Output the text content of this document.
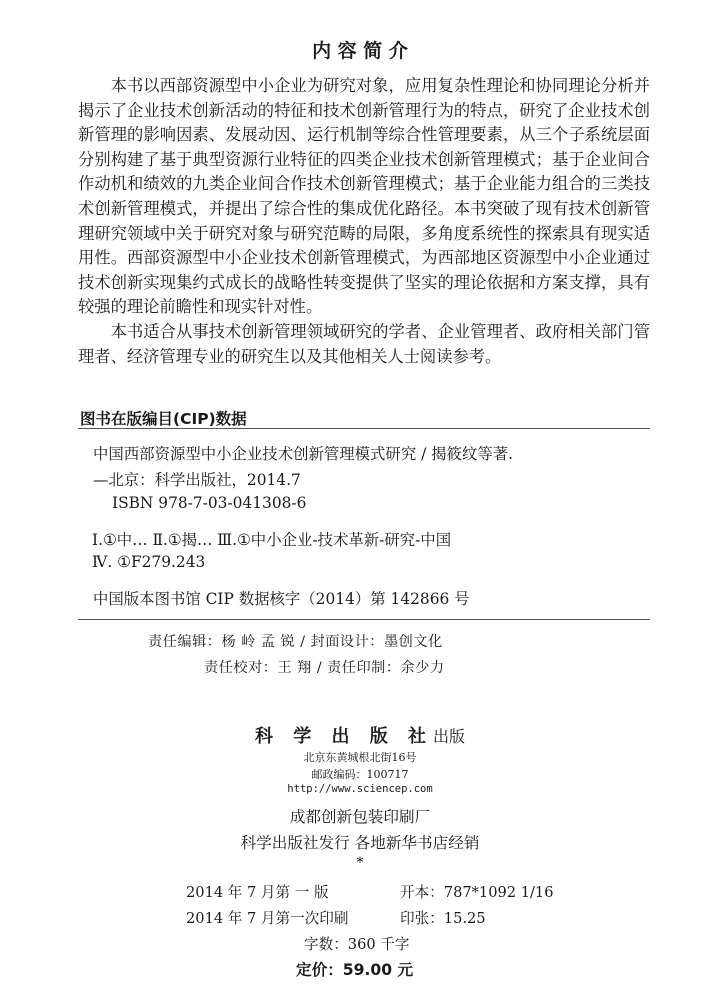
内 容 简 介

本书以西部资源型中小企业为研究对象，应用复杂性理论和协同理论分析并揭示了企业技术创新活动的特征和技术创新管理行为的特点，研究了企业技术创新管理的影响因素、发展动因、运行机制等综合性管理要素，从三个子系统层面分别构建了基于典型资源行业特征的四类企业技术创新管理模式；基于企业间合作动机和绩效的九类企业间合作技术创新管理模式；基于企业能力组合的三类技术创新管理模式，并提出了综合性的集成优化路径。本书突破了现有技术创新管理研究领域中关于研究对象与研究范畴的局限，多角度系统性的探索具有现实适用性。西部资源型中小企业技术创新管理模式，为西部地区资源型中小企业通过技术创新实现集约式成长的战略性转变提供了坚实的理论依据和方案支撑，具有较强的理论前瞻性和现实针对性。

本书适合从事技术创新管理领域研究的学者、企业管理者、政府相关部门管理者、经济管理专业的研究生以及其他相关人士阅读参考。

图书在版编目(CIP)数据
中国西部资源型中小企业技术创新管理模式研究 / 揭筱纹等著.
—北京：科学出版社，2014.7
ISBN 978-7-03-041308-6
Ⅰ.①中… Ⅱ.①揭… Ⅲ.①中小企业-技术革新-研究-中国
Ⅳ. ①F279.243
中国版本图书馆 CIP 数据核字（2014）第 142866 号
责任编辑：杨 岭 孟 锐 / 封面设计：墨创文化
责任校对：王 翔 / 责任印制：余少力
科 学 出 版 社出版
北京东黄城根北街16号
邮政编码：100717
http://www.sciencep.com
成都创新包装印刷厂
科学出版社发行 各地新华书店经销
*
2014 年 7 月第 一 版	开本：787*1092 1/16
2014 年 7 月第一次印刷	印张：15.25
字数：360 千字
定价：59.00 元
